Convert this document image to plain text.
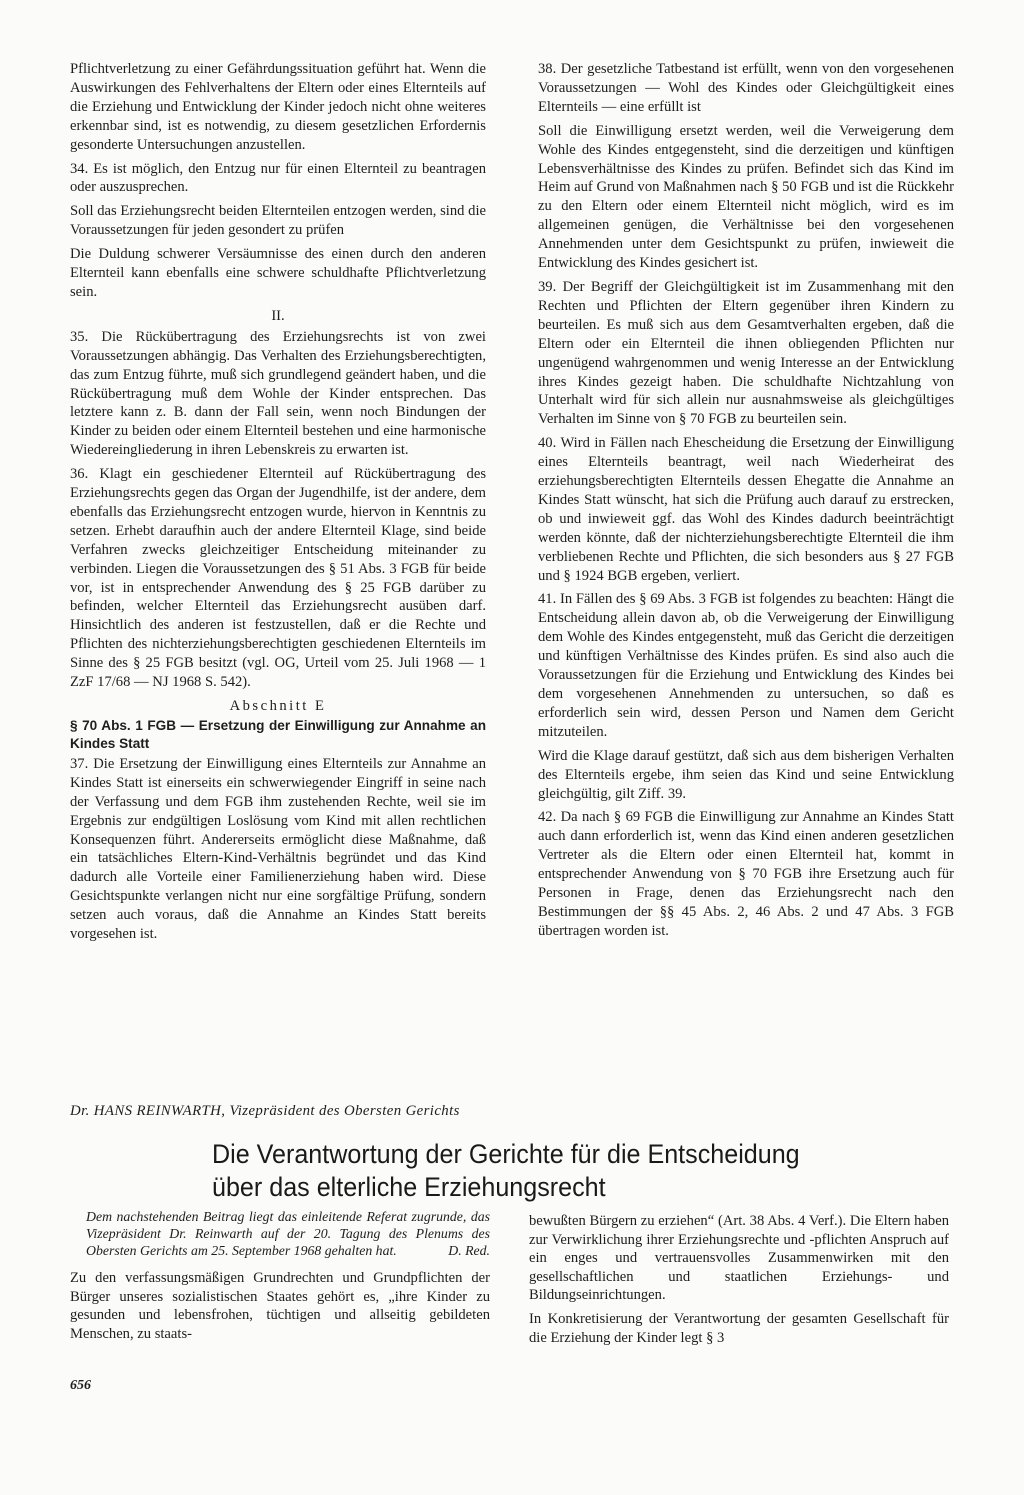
Pflichtverletzung zu einer Gefährdungssituation geführt hat. Wenn die Auswirkungen des Fehlverhaltens der Eltern oder eines Elternteils auf die Erziehung und Entwicklung der Kinder jedoch nicht ohne weiteres erkennbar sind, ist es notwendig, zu diesem gesetzlichen Erfordernis gesonderte Untersuchungen anzustellen.

34. Es ist möglich, den Entzug nur für einen Elternteil zu beantragen oder auszusprechen.

Soll das Erziehungsrecht beiden Elternteilen entzogen werden, sind die Voraussetzungen für jeden gesondert zu prüfen

Die Duldung schwerer Versäumnisse des einen durch den anderen Elternteil kann ebenfalls eine schwere schuldhafte Pflichtverletzung sein.

II.

35. Die Rückübertragung des Erziehungsrechts ist von zwei Voraussetzungen abhängig. Das Verhalten des Erziehungsberechtigten, das zum Entzug führte, muß sich grundlegend geändert haben, und die Rückübertragung muß dem Wohle der Kinder entsprechen. Das letztere kann z. B. dann der Fall sein, wenn noch Bindungen der Kinder zu beiden oder einem Elternteil bestehen und eine harmonische Wiedereingliederung in ihren Lebenskreis zu erwarten ist.

36. Klagt ein geschiedener Elternteil auf Rückübertragung des Erziehungsrechts gegen das Organ der Jugendhilfe, ist der andere, dem ebenfalls das Erziehungsrecht entzogen wurde, hiervon in Kenntnis zu setzen. Erhebt daraufhin auch der andere Elternteil Klage, sind beide Verfahren zwecks gleichzeitiger Entscheidung miteinander zu verbinden. Liegen die Voraussetzungen des § 51 Abs. 3 FGB für beide vor, ist in entsprechender Anwendung des § 25 FGB darüber zu befinden, welcher Elternteil das Erziehungsrecht ausüben darf. Hinsichtlich des anderen ist festzustellen, daß er die Rechte und Pflichten des nichterziehungsberechtigten geschiedenen Elternteils im Sinne des § 25 FGB besitzt (vgl. OG, Urteil vom 25. Juli 1968 — 1 ZzF 17/68 — NJ 1968 S. 542).

Abschnitt E

§ 70 Abs. 1 FGB — Ersetzung der Einwilligung zur Annahme an Kindes Statt

37. Die Ersetzung der Einwilligung eines Elternteils zur Annahme an Kindes Statt ist einerseits ein schwerwiegender Eingriff in seine nach der Verfassung und dem FGB ihm zustehenden Rechte, weil sie im Ergebnis zur endgültigen Loslösung vom Kind mit allen rechtlichen Konsequenzen führt. Andererseits ermöglicht diese Maßnahme, daß ein tatsächliches Eltern-Kind-Verhältnis begründet und das Kind dadurch alle Vorteile einer Familienerziehung haben wird. Diese Gesichtspunkte verlangen nicht nur eine sorgfältige Prüfung, sondern setzen auch voraus, daß die Annahme an Kindes Statt bereits vorgesehen ist.

38. Der gesetzliche Tatbestand ist erfüllt, wenn von den vorgesehenen Voraussetzungen — Wohl des Kindes oder Gleichgültigkeit eines Elternteils — eine erfüllt ist

Soll die Einwilligung ersetzt werden, weil die Verweigerung dem Wohle des Kindes entgegensteht, sind die derzeitigen und künftigen Lebensverhältnisse des Kindes zu prüfen. Befindet sich das Kind im Heim auf Grund von Maßnahmen nach § 50 FGB und ist die Rückkehr zu den Eltern oder einem Elternteil nicht möglich, wird es im allgemeinen genügen, die Verhältnisse bei den vorgesehenen Annehmenden unter dem Gesichtspunkt zu prüfen, inwieweit die Entwicklung des Kindes gesichert ist.

39. Der Begriff der Gleichgültigkeit ist im Zusammenhang mit den Rechten und Pflichten der Eltern gegenüber ihren Kindern zu beurteilen. Es muß sich aus dem Gesamtverhalten ergeben, daß die Eltern oder ein Elternteil die ihnen obliegenden Pflichten nur ungenügend wahrgenommen und wenig Interesse an der Entwicklung ihres Kindes gezeigt haben. Die schuldhafte Nichtzahlung von Unterhalt wird für sich allein nur ausnahmsweise als gleichgültiges Verhalten im Sinne von § 70 FGB zu beurteilen sein.

40. Wird in Fällen nach Ehescheidung die Ersetzung der Einwilligung eines Elternteils beantragt, weil nach Wiederheirat des erziehungsberechtigten Elternteils dessen Ehegatte die Annahme an Kindes Statt wünscht, hat sich die Prüfung auch darauf zu erstrecken, ob und inwieweit ggf. das Wohl des Kindes dadurch beeinträchtigt werden könnte, daß der nichterziehungsberechtigte Elternteil die ihm verbliebenen Rechte und Pflichten, die sich besonders aus § 27 FGB und § 1924 BGB ergeben, verliert.

41. In Fällen des § 69 Abs. 3 FGB ist folgendes zu beachten: Hängt die Entscheidung allein davon ab, ob die Verweigerung der Einwilligung dem Wohle des Kindes entgegensteht, muß das Gericht die derzeitigen und künftigen Verhältnisse des Kindes prüfen. Es sind also auch die Voraussetzungen für die Erziehung und Entwicklung des Kindes bei dem vorgesehenen Annehmenden zu untersuchen, so daß es erforderlich sein wird, dessen Person und Namen dem Gericht mitzuteilen.

Wird die Klage darauf gestützt, daß sich aus dem bisherigen Verhalten des Elternteils ergebe, ihm seien das Kind und seine Entwicklung gleichgültig, gilt Ziff. 39.

42. Da nach § 69 FGB die Einwilligung zur Annahme an Kindes Statt auch dann erforderlich ist, wenn das Kind einen anderen gesetzlichen Vertreter als die Eltern oder einen Elternteil hat, kommt in entsprechender Anwendung von § 70 FGB ihre Ersetzung auch für Personen in Frage, denen das Erziehungsrecht nach den Bestimmungen der §§ 45 Abs. 2, 46 Abs. 2 und 47 Abs. 3 FGB übertragen worden ist.

Dr. HANS REINWARTH, Vizepräsident des Obersten Gerichts
Die Verantwortung der Gerichte für die Entscheidung
über das elterliche Erziehungsrecht

Dem nachstehenden Beitrag liegt das einleitende Referat zugrunde, das Vizepräsident Dr. Reinwarth auf der 20. Tagung des Plenums des Obersten Gerichts am 25. September 1968 gehalten hat.	D. Red.

Zu den verfassungsmäßigen Grundrechten und Grundpflichten der Bürger unseres sozialistischen Staates gehört es, „ihre Kinder zu gesunden und lebensfrohen, tüchtigen und allseitig gebildeten Menschen, zu staats-

bewußten Bürgern zu erziehen“ (Art. 38 Abs. 4 Verf.). Die Eltern haben zur Verwirklichung ihrer Erziehungsrechte und -pflichten Anspruch auf ein enges und vertrauensvolles Zusammenwirken mit den gesellschaftlichen und staatlichen Erziehungs- und Bildungseinrichtungen.

In Konkretisierung der Verantwortung der gesamten Gesellschaft für die Erziehung der Kinder legt § 3

656
